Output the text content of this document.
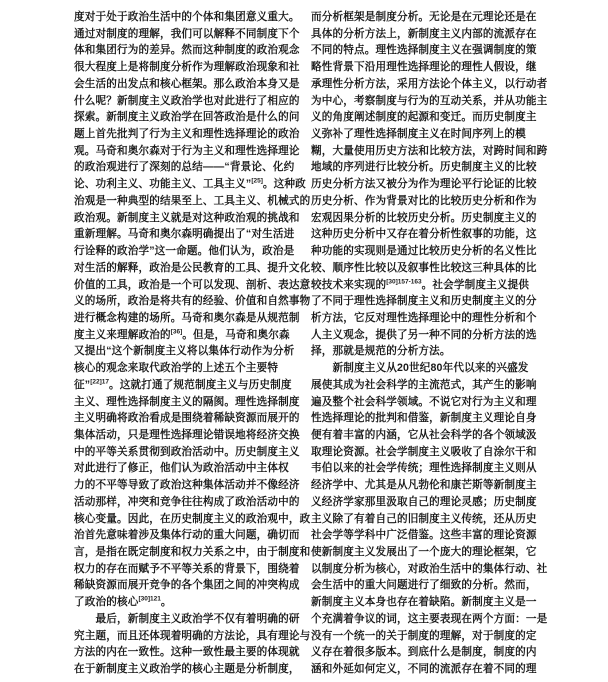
度对于处于政治生活中的个体和集团意义重大。
通过对制度的理解，我们可以解释不同制度下个
体和集团行为的差异。然而这种制度的政治观念
很大程度上是将制度分析作为理解政治现象和社
会生活的出发点和核心框架。那么政治本身又是
什么呢？新制度主义政治学也对此进行了相应的
探索。新制度主义政治学在回答政治是什么的问
题上首先批判了行为主义和理性选择理论的政治
观。马奇和奥尔森对于行为主义和理性选择理论
的政治观进行了深刻的总结——“背景论、化约
论、功利主义、功能主义、工具主义”[25]。这种政
治观是一种典型的结果至上、工具主义、机械式的
政治观。新制度主义就是对这种政治观的挑战和
重新理解。马奇和奥尔森明确提出了“对生活进
行诠释的政治学”这一命题。他们认为，政治是
对生活的解释，政治是公民教育的工具、提升文化
价值的工具，政治是一个可以发现、剖析、表达意
义的场所，政治是将共有的经验、价值和自然事物
进行概念构建的场所。马奇和奥尔森是从规范制
度主义来理解政治的[36]。但是，马奇和奥尔森
又提出“这个新制度主义将以集体行动作为分析
核心的观念来取代政治学的上述五个主要特
征”$^{[22]17}$。这就打通了规范制度主义与历史制度
主义、理性选择制度主义的隔阂。理性选择制度
主义明确将政治看成是围绕着稀缺资源而展开的
集体活动，只是理性选择理论错误地将经济交换
中的平等关系贯彻到政治活动中。历史制度主义
对此进行了修正，他们认为政治活动中主体权
力的不平等导致了政治这种集体活动并不像经济
活动那样，冲突和竞争往往构成了政治活动中的
核心变量。因此，在历史制度主义的政治观中，政
治首先意味着涉及集体行动的重大问题，确切而
言，是指在既定制度和权力关系之中，由于制度和
权力的存在而赋予不平等关系的背景下，围绕着
稀缺资源而展开竞争的各个集团之间的冲突构成
了政治的核心$^{[30]121}$。
　　最后，新制度主义政治学不仅有着明确的研
究主题，而且还体现着明确的方法论，具有理论与
方法的内在一致性。这种一致性最主要的体现就
在于新制度主义政治学的核心主题是分析制度，
而分析框架是制度分析。无论是在元理论还是在
具体的分析方法上，新制度主义内部的流派存在
不同的特点。理性选择制度主义在强调制度的策
略性背景下沿用理性选择理论的理性人假设，继
承理性分析方法，采用方法论个体主义，以行动者
为中心，考察制度与行为的互动关系，并从功能主
义的角度阐述制度的起源和变迁。而历史制度主
义弥补了理性选择制度主义在时间序列上的模
糊，大量使用历史方法和比较方法，对跨时间和跨
地域的序列进行比较分析。历史制度主义的比较
历史分析方法又被分为作为理论平行论证的比较
历史分析、作为背景对比的比较历史分析和作为
宏观因果分析的比较历史分析。历史制度主义的
这种历史分析中又存在着分析性叙事的功能，这
种功能的实现则是通过比较历史分析的名义性比
较、顺序性比较以及叙事性比较这三种具体的比
较技术来实现的$^{[30]157-163}$。社会学制度主义提供
了不同于理性选择制度主义和历史制度主义的分
析方法，它反对理性选择理论中的理性分析和个
人主义观念，提供了另一种不同的分析方法的选
择，那就是规范的分析方法。
　　新制度主义从20世纪80年代以来的兴盛发
展使其成为社会科学的主流范式，其产生的影响
遍及整个社会科学领域。不说它对行为主义和理
性选择理论的批判和借鉴，新制度主义理论自身
便有着丰富的内涵，它从社会科学的各个领域汲
取理论资源。社会学制度主义吸收了自涂尔干和
韦伯以来的社会学传统；理性选择制度主义则从
经济学中、尤其是从凡勃伦和康芒斯等新制度主
义经济学家那里汲取自己的理论灵感；历史制度
主义除了有着自己的旧制度主义传统，还从历史
社会学等学科中广泛借鉴。这些丰富的理论资源
使新制度主义发展出了一个庞大的理论框架，它
以制度分析为核心，对政治生活中的集体行动、社
会生活中的重大问题进行了细致的分析。然而，
新制度主义本身也存在着缺陷。新制度主义是一
个充满着争议的词，这主要表现在两个方面：一是
没有一个统一的关于制度的理解，对于制度的定
义存在着很多版本。到底什么是制度，制度的内
涵和外延如何定义，不同的流派存在着不同的理
